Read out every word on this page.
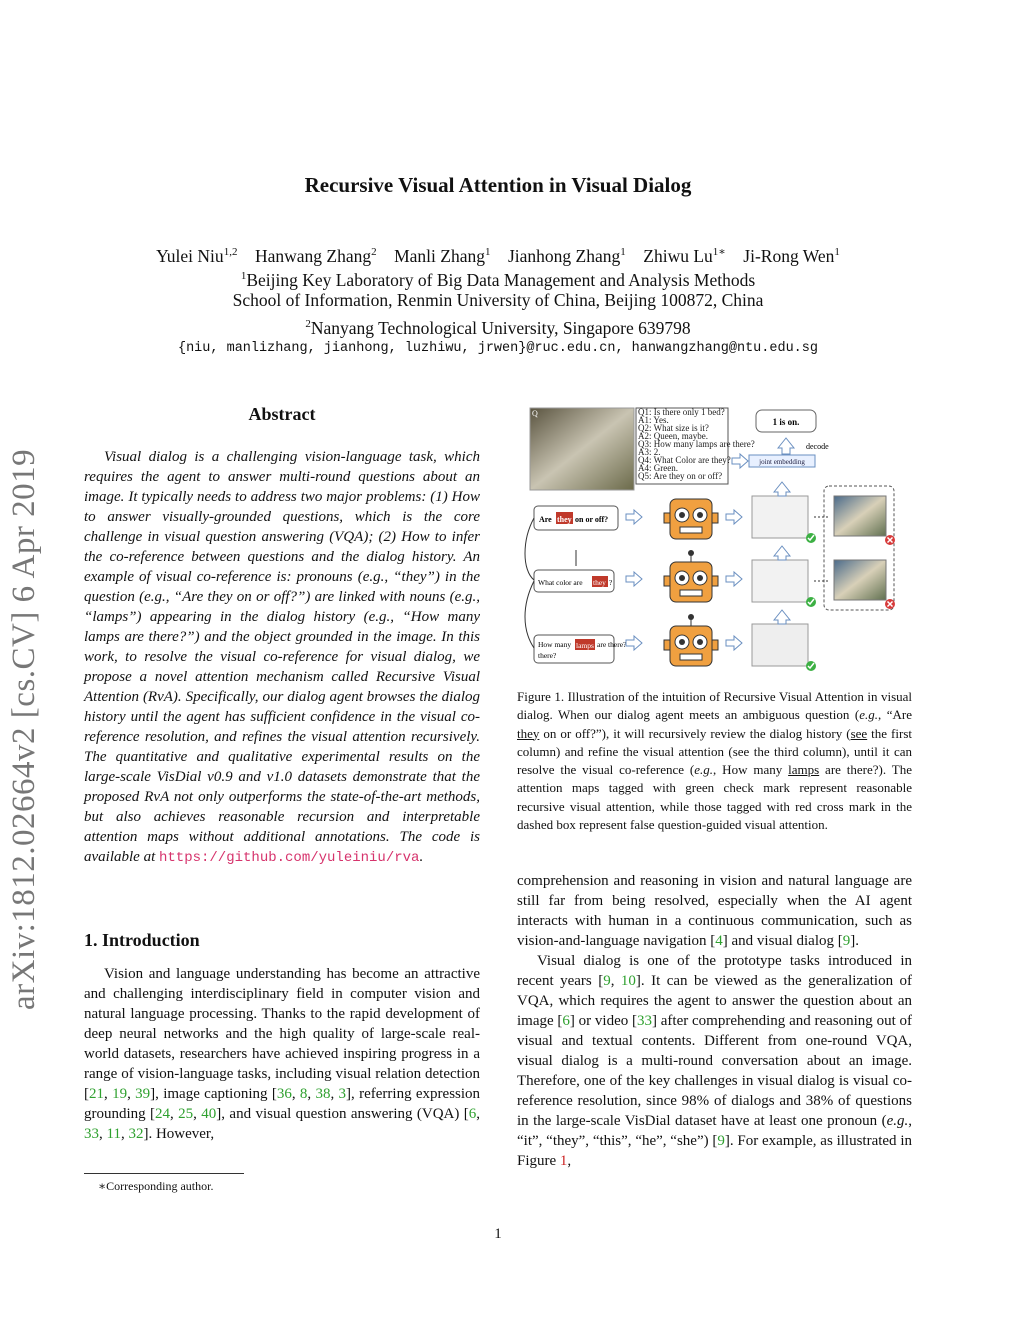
arXiv:1812.02664v2 [cs.CV] 6 Apr 2019
Recursive Visual Attention in Visual Dialog
Yulei Niu$^{1,2}$ Hanwang Zhang$^2$ Manli Zhang$^1$ Jianhong Zhang$^1$ Zhiwu $Lu^{1∗}$ Ji-Rong Wen$^1$
$^1$Beijing Key Laboratory of Big Data Management and Analysis Methods
School of Information, Renmin University of China, Beijing 100872, China
$^2$Nanyang Technological University, Singapore 639798
{niu, manlizhang, jianhong, luzhiwu, jrwen}@ruc.edu.cn, hanwangzhang@ntu.edu.sg
Abstract
Visual dialog is a challenging vision-language task, which requires the agent to answer multi-round questions about an image. It typically needs to address two major problems: (1) How to answer visually-grounded questions, which is the core challenge in visual question answering (VQA); (2) How to infer the co-reference between questions and the dialog history. An example of visual co-reference is: pronouns (e.g., “they”) in the question (e.g., “Are they on or off?”) are linked with nouns (e.g., “lamps”) appearing in the dialog history (e.g., “How many lamps are there?”) and the object grounded in the image. In this work, to resolve the visual co-reference for visual dialog, we propose a novel attention mechanism called Recursive Visual Attention (RvA). Specifically, our dialog agent browses the dialog history until the agent has sufficient confidence in the visual co-reference resolution, and refines the visual attention recursively. The quantitative and qualitative experimental results on the large-scale VisDial v0.9 and v1.0 datasets demonstrate that the proposed RvA not only outperforms the state-of-the-art methods, but also achieves reasonable recursion and interpretable attention maps without additional annotations. The code is available at https://github.com/yuleiniu/rva.
1. Introduction
Vision and language understanding has become an attractive and challenging interdisciplinary field in computer vision and natural language processing. Thanks to the rapid development of deep neural networks and the high quality of large-scale real-world datasets, researchers have achieved inspiring progress in a range of vision-language tasks, including visual relation detection [21, 19, 39], image captioning [36, 8, 38, 3], referring expression grounding [24, 25, 40], and visual question answering (VQA) [6, 33, 11, 32]. However,
∗Corresponding author.
1
Q	Q1: Is there only 1 bed?
A1: Yes.
Q2: What size is it?
A2: Queen, maybe.
Q3: How many lamps are there?
A3: 2.
Q4: What Color are they?
A4: Green.
Q5: Are they on or off?
1 is on.
decode
joint embedding
Are they on or off?
What color are they ?
How many lamps are there?
there?
Figure 1. Illustration of the intuition of Recursive Visual Attention in visual dialog. When our dialog agent meets an ambiguous question (e.g., “Are they on or off?”), it will recursively review the dialog history (see the first column) and refine the visual attention (see the third column), until it can resolve the visual co-reference (e.g., How many lamps are there?). The attention maps tagged with green check mark represent reasonable recursive visual attention, while those tagged with red cross mark in the dashed box represent false question-guided visual attention.

comprehension and reasoning in vision and natural language are still far from being resolved, especially when the AI agent interacts with human in a continuous communication, such as vision-and-language navigation [4] and visual dialog [9].

Visual dialog is one of the prototype tasks introduced in recent years [9, 10]. It can be viewed as the generalization of VQA, which requires the agent to answer the question about an image [6] or video [33] after comprehending and reasoning out of visual and textual contents. Different from one-round VQA, visual dialog is a multi-round conversation about an image. Therefore, one of the key challenges in visual dialog is visual co-reference resolution, since 98% of dialogs and 38% of questions in the large-scale VisDial dataset have at least one pronoun (e.g., “it”, “they”, “this”, “he”, “she”) [9]. For example, as illustrated in Figure 1,
